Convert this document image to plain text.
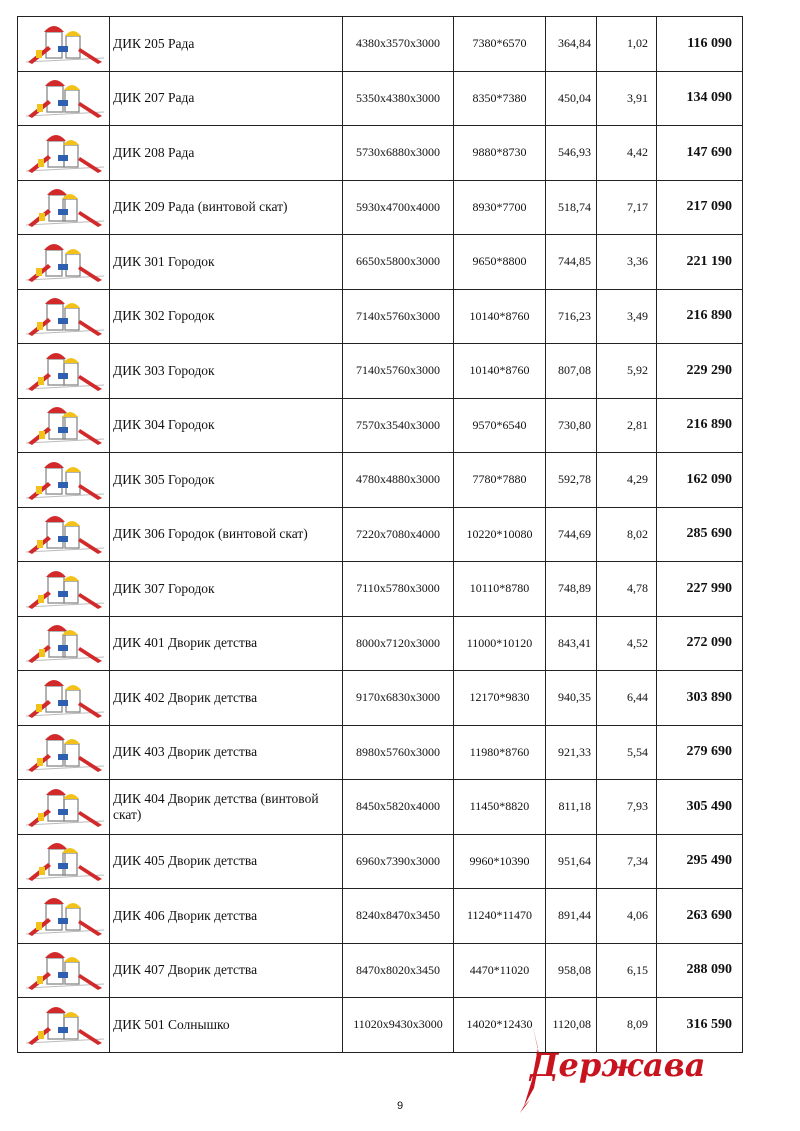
	ДИК 205 Рада	4380х3570х3000	7380*6570	364,84	1,02	116 090

	ДИК 207 Рада	5350х4380х3000	8350*7380	450,04	3,91	134 090

	ДИК 208 Рада	5730х6880х3000	9880*8730	546,93	4,42	147 690

	ДИК 209 Рада (винтовой скат)	5930х4700х4000	8930*7700	518,74	7,17	217 090

	ДИК 301 Городок	6650х5800х3000	9650*8800	744,85	3,36	221 190

	ДИК 302 Городок	7140х5760х3000	10140*8760	716,23	3,49	216 890

	ДИК 303 Городок	7140х5760х3000	10140*8760	807,08	5,92	229 290

	ДИК 304 Городок	7570х3540х3000	9570*6540	730,80	2,81	216 890

	ДИК 305 Городок	4780х4880х3000	7780*7880	592,78	4,29	162 090

	ДИК 306 Городок (винтовой скат)	7220х7080х4000	10220*10080	744,69	8,02	285 690

	ДИК 307 Городок	7110х5780х3000	10110*8780	748,89	4,78	227 990

	ДИК 401 Дворик детства	8000х7120х3000	11000*10120	843,41	4,52	272 090

	ДИК 402 Дворик детства	9170х6830х3000	12170*9830	940,35	6,44	303 890

	ДИК 403 Дворик детства	8980х5760х3000	11980*8760	921,33	5,54	279 690

	ДИК 404 Дворик детства (винтовой скат)	8450х5820х4000	11450*8820	811,18	7,93	305 490

	ДИК 405 Дворик детства	6960х7390х3000	9960*10390	951,64	7,34	295 490

	ДИК 406 Дворик детства	8240х8470х3450	11240*11470	891,44	4,06	263 690

	ДИК 407 Дворик детства	8470х8020х3450	4470*11020	958,08	6,15	288 090

	ДИК 501 Солнышко	11020х9430х3000	14020*12430	1120,08	8,09	316 590
Держава
9
